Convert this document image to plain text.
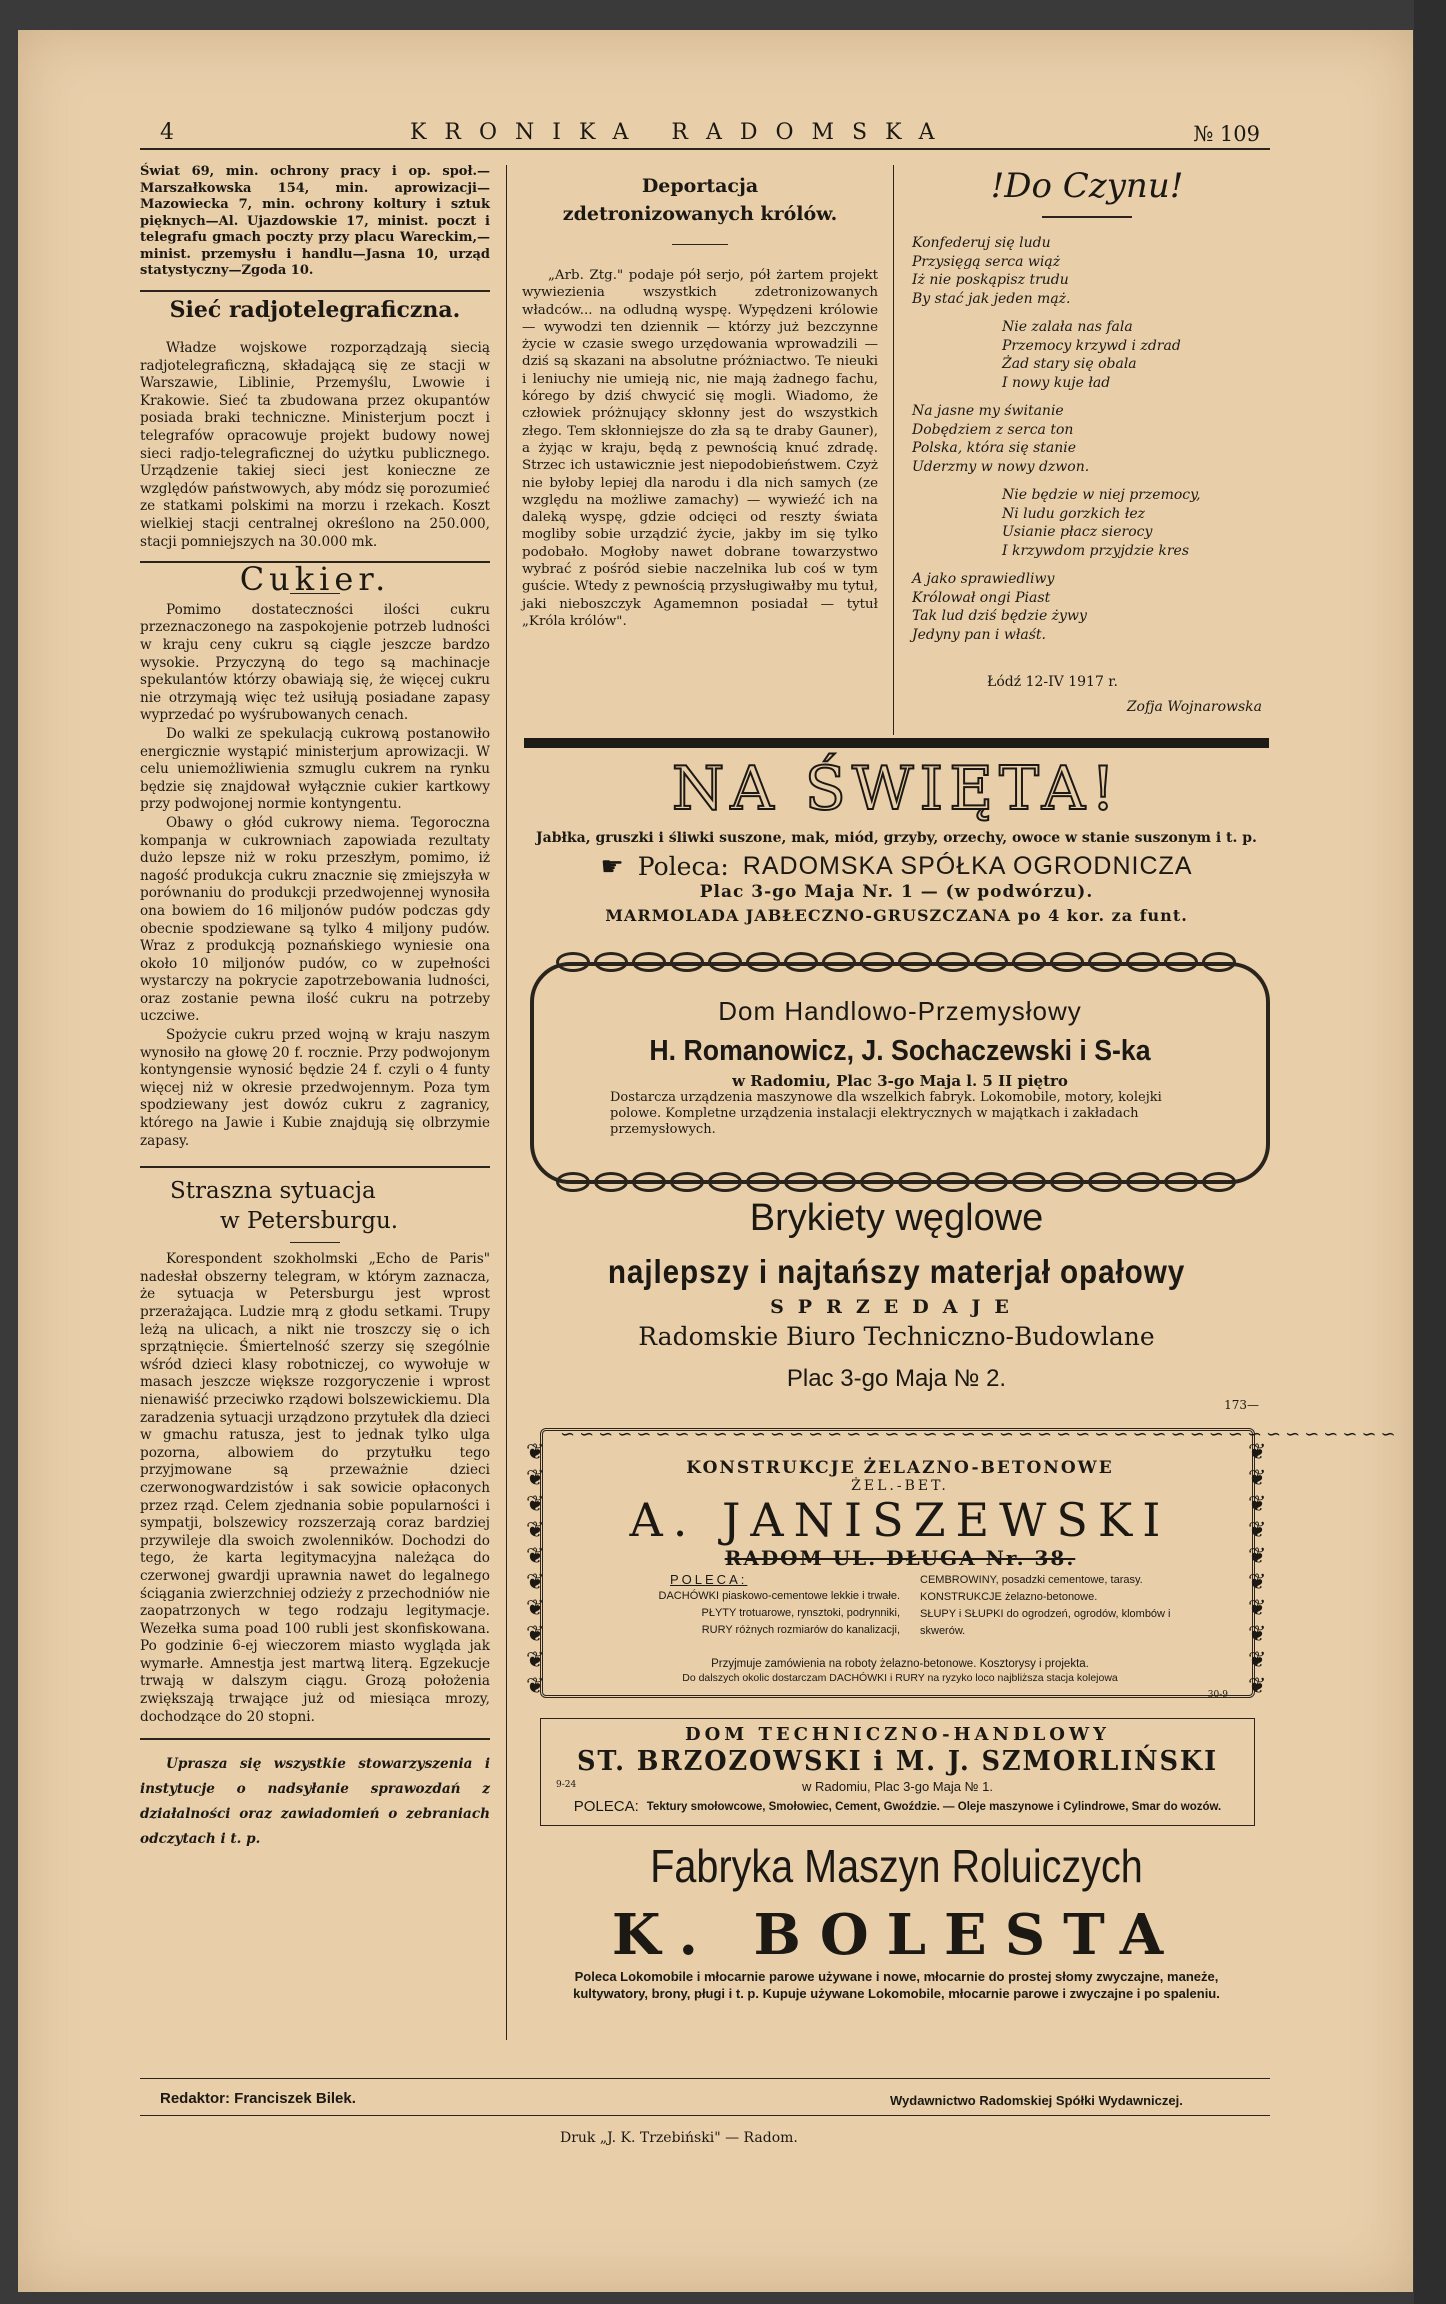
4	KRONIKA RADOMSKA	№ 109

Świat 69, min. ochrony pracy i op. społ.— Marszałkowska 154, min. aprowizacji—Mazowiecka 7, min. ochrony koltury i sztuk pięknych—Al. Ujazdowskie 17, minist. poczt i telegrafu gmach poczty przy placu Wareckim,—minist. przemysłu i handlu—Jasna 10, urząd statystyczny—Zgoda 10.

Sieć radjotelegraficzna.

Władze wojskowe rozporządzają siecią radjotelegraficzną, składającą się ze stacji w Warszawie, Liblinie, Przemyślu, Lwowie i Krakowie. Sieć ta zbudowana przez okupantów posiada braki techniczne. Ministerjum poczt i telegrafów opracowuje projekt budowy nowej sieci radjo-telegraficznej do użytku publicznego. Urządzenie takiej sieci jest konieczne ze względów państwowych, aby módz się porozumieć ze statkami polskimi na morzu i rzekach. Koszt wielkiej stacji centralnej określono na 250.000, stacji pomniejszych na 30.000 mk.

Cukier.

Pomimo dostateczności ilości cukru przeznaczonego na zaspokojenie potrzeb ludności w kraju ceny cukru są ciągle jeszcze bardzo wysokie. Przyczyną do tego są machinacje spekulantów którzy obawiają się, że więcej cukru nie otrzymają więc też usiłują posiadane zapasy wyprzedać po wyśrubowanych cenach.

Do walki ze spekulacją cukrową postanowiło energicznie wystąpić ministerjum aprowizacji. W celu uniemożliwienia szmuglu cukrem na rynku będzie się znajdował wyłącznie cukier kartkowy przy podwojonej normie kontyngentu.

Obawy o głód cukrowy niema. Tegoroczna kompanja w cukrowniach zapowiada rezultaty dużo lepsze niż w roku przeszłym, pomimo, iż nagość produkcja cukru znacznie się zmiejszyła w porównaniu do produkcji przedwojennej wynosiła ona bowiem do 16 miljonów pudów podczas gdy obecnie spodziewane są tylko 4 miljony pudów. Wraz z produkcją poznańskiego wyniesie ona około 10 miljonów pudów, co w zupełności wystarczy na pokrycie zapotrzebowania ludności, oraz zostanie pewna ilość cukru na potrzeby uczciwe.

Spożycie cukru przed wojną w kraju naszym wynosiło na głowę 20 f. rocznie. Przy podwojonym kontyngensie wynosić będzie 24 f. czyli o 4 funty więcej niż w okresie przedwojennym. Poza tym spodziewany jest dowóz cukru z zagranicy, którego na Jawie i Kubie znajdują się olbrzymie zapasy.

Straszna sytuacja
w Petersburgu.

Korespondent szokholmski „Echo de Paris" nadesłał obszerny telegram, w którym zaznacza, że sytuacja w Petersburgu jest wprost przerażająca. Ludzie mrą z głodu setkami. Trupy leżą na ulicach, a nikt nie troszczy się o ich sprzątnięcie. Śmiertelność szerzy się szególnie wśród dzieci klasy robotniczej, co wywołuje w masach jeszcze większe rozgoryczenie i wprost nienawiść przeciwko rządowi bolszewickiemu. Dla zaradzenia sytuacji urządzono przytułek dla dzieci w gmachu ratusza, jest to jednak tylko ulga pozorna, albowiem do przytułku tego przyjmowane są przeważnie dzieci czerwonogwardzistów i sak sowicie opłaconych przez rząd. Celem zjednania sobie popularności i sympatji, bolszewicy rozszerzają coraz bardziej przywileje dla swoich zwolenników. Dochodzi do tego, że karta legitymacyjna należąca do czerwonej gwardji uprawnia nawet do legalnego ściągania zwierzchniej odzieży z przechodniów nie zaopatrzonych w tego rodzaju legitymacje. Wezełka suma poad 100 rubli jest skonfiskowana. Po godzinie 6-ej wieczorem miasto wygląda jak wymarłe. Amnestja jest martwą literą. Egzekucje trwają w dalszym ciągu. Grozą położenia zwiększają trwające już od miesiąca mrozy, dochodzące do 20 stopni.

Uprasza się wszystkie stowarzyszenia i instytucje o nadsyłanie sprawozdań z działalności oraz zawiadomień o zebraniach odczytach i t. p.

Redaktor: Franciszek Bilek.
Deportacja
zdetronizowanych królów.

„Arb. Ztg." podaje pół serjo, pół żartem projekt wywiezienia wszystkich zdetronizowanych władców... na odludną wyspę. Wypędzeni królowie — wywodzi ten dziennik — którzy już bezczynne życie w czasie swego urzędowania wprowadzili — dziś są skazani na absolutne próżniactwo. Te nieuki i leniuchy nie umieją nic, nie mają żadnego fachu, kórego by dziś chwycić się mogli. Wiadomo, że człowiek próżnujący skłonny jest do wszystkich złego. Tem skłonniejsze do zła są te draby Gauner), a żyjąc w kraju, będą z pewnością knuć zdradę. Strzec ich ustawicznie jest niepodobieństwem. Czyż nie byłoby lepiej dla narodu i dla nich samych (ze względu na możliwe zamachy) — wywieźć ich na daleką wyspę, gdzie odcięci od reszty świata mogliby sobie urządzić życie, jakby im się tylko podobało. Mogłoby nawet dobrane towarzystwo wybrać z pośród siebie naczelnika lub coś w tym guście. Wtedy z pewnością przysługiwałby mu tytuł, jaki nieboszczyk Agamemnon posiadał — tytuł „Króla królów".

!Do Czynu!
Konfederuj się ludu
Przysięgą serca wiąż
Iż nie poskąpisz trudu
By stać jak jeden mąż.
Nie zalała nas fala
Przemocy krzywd i zdrad
Żad stary się obala
I nowy kuje ład
Na jasne my świtanie
Dobędziem z serca ton
Polska, która się stanie
Uderzmy w nowy dzwon.
Nie będzie w niej przemocy,
Ni ludu gorzkich łez
Usianie płacz sierocy
I krzywdom przyjdzie kres
A jako sprawiedliwy
Królował ongi Piast
Tak lud dziś będzie żywy
Jedyny pan i właśt.
Łódź 12-IV 1917 r.
Zofja Wojnarowska
NA ŚWIĘTA!
Jabłka, gruszki i śliwki suszone, mak, miód, grzyby, orzechy, owoce w stanie suszonym i t. p.
☛ Poleca: RADOMSKA SPÓŁKA OGRODNICZA
Plac 3-go Maja Nr. 1 — (w podwórzu).
MARMOLADA JABŁECZNO-GRUSZCZANA po 4 kor. za funt.
Dom Handlowo-Przemysłowy
H. Romanowicz, J. Sochaczewski i S-ka
w Radomiu, Plac 3-go Maja l. 5 II piętro
Dostarcza urządzenia maszynowe dla wszelkich fabryk. Lokomobile, motory, kolejki polowe. Kompletne urządzenia instalacji elektrycznych w majątkach i zakładach przemysłowych.
Brykiety węglowe
najlepszy i najtańszy materjał opałowy
SPRZEDAJE
Radomskie Biuro Techniczno-Budowlane
Plac 3-go Maja № 2.
173—
❦
❦
❦
❦
❦
❦
❦
❦
❦
❦
❦
❦
❦
❦
❦
❦
❦
❦
❦
❦
∽∽∽∽∽∽∽∽∽∽∽∽∽∽∽∽∽∽∽∽∽∽∽∽∽∽∽∽∽∽∽∽∽∽∽∽∽∽∽∽∽∽∽∽
KONSTRUKCJE ŻELAZNO-BETONOWE
ŻEL.-BET.
A. JANISZEWSKI
RADOM UL. DŁUGA Nr. 38.
POLECA:
DACHÓWKI piaskowo-cementowe lekkie i trwałe.
PŁYTY trotuarowe, rynsztoki, podrynniki,
RURY różnych rozmiarów do kanalizacji,
CEMBROWINY, posadzki cementowe, tarasy.
KONSTRUKCJE żelazno-betonowe.
SŁUPY i SŁUPKI do ogrodzeń, ogrodów, klombów i skwerów.
Przyjmuje zamówienia na roboty żelazno-betonowe. Kosztorysy i projekta.
Do dalszych okolic dostarczam DACHÓWKI i RURY na ryzyko loco najbliższa stacja kolejowa
30-9
DOM TECHNICZNO-HANDLOWY
ST. BRZOZOWSKI i M. J. SZMORLIŃSKI
9-24	w Radomiu, Plac 3-go Maja № 1.
POLECA: Tektury smołowcowe, Smołowiec, Cement, Gwoździe. — Oleje maszynowe i Cylindrowe, Smar do wozów.
Fabryka Maszyn Roluiczych
K. BOLESTA
Poleca Lokomobile i młocarnie parowe używane i nowe, młocarnie do prostej słomy zwyczajne, maneże, kultywatory, brony, pługi i t. p. Kupuje używane Lokomobile, młocarnie parowe i zwyczajne i po spaleniu.
Wydawnictwo Radomskiej Spółki Wydawniczej.
Druk „J. K. Trzebiński" — Radom.
